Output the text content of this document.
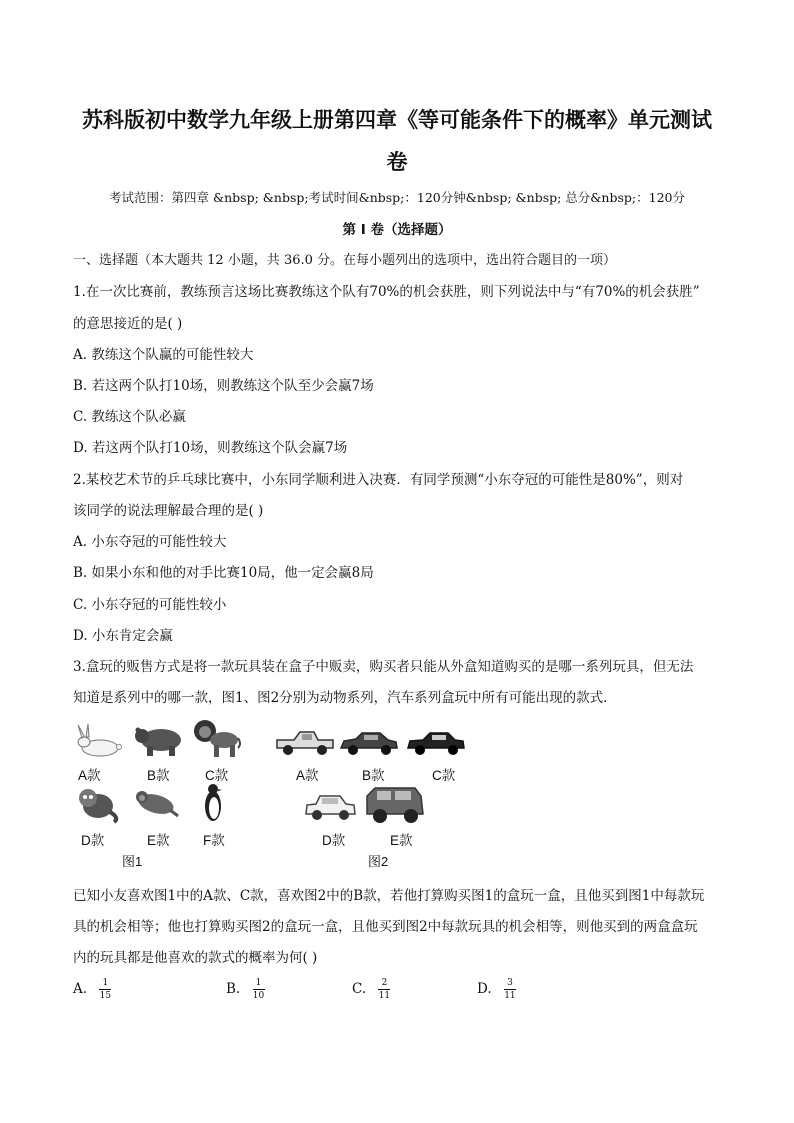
苏科版初中数学九年级上册第四章《等可能条件下的概率》单元测试
卷
考试范围：第四章 &nbsp; &nbsp;考试时间&nbsp;：120分钟&nbsp; &nbsp; 总分&nbsp;：120分
第 I 卷（选择题）
一、选择题（本大题共 12 小题，共 36.0 分。在每小题列出的选项中，选出符合题目的一项）
1.在一次比赛前，教练预言这场比赛教练这个队有70%的机会获胜，则下列说法中与“有70%的机会获胜”
的意思接近的是( )
A. 教练这个队赢的可能性较大
B. 若这两个队打10场，则教练这个队至少会赢7场
C. 教练这个队必赢
D. 若这两个队打10场，则教练这个队会赢7场
2.某校艺术节的乒乓球比赛中，小东同学顺利进入决赛．有同学预测“小东夺冠的可能性是80%”，则对
该同学的说法理解最合理的是( )
A. 小东夺冠的可能性较大
B. 如果小东和他的对手比赛10局，他一定会赢8局
C. 小东夺冠的可能性较小
D. 小东肯定会赢
3.盒玩的贩售方式是将一款玩具装在盒子中贩卖，购买者只能从外盒知道购买的是哪一系列玩具，但无法
知道是系列中的哪一款，图1、图2分别为动物系列，汽车系列盒玩中所有可能出现的款式．
A款	B款	C款
D款	E款 F款
图1
A款	B款	C款
D款	E款
图2
已知小友喜欢图1中的A款、C款，喜欢图2中的B款，若他打算购买图1的盒玩一盒，且他买到图1中每款玩
具的机会相等；他也打算购买图2的盒玩一盒，且他买到图2中每款玩具的机会相等，则他买到的两盒盒玩
内的玩具都是他喜欢的款式的概率为何( )
A. $\frac{1}{15}$	B. $\frac{1}{10}$	C. $\frac{2}{11}$	D. $\frac{3}{11}$
